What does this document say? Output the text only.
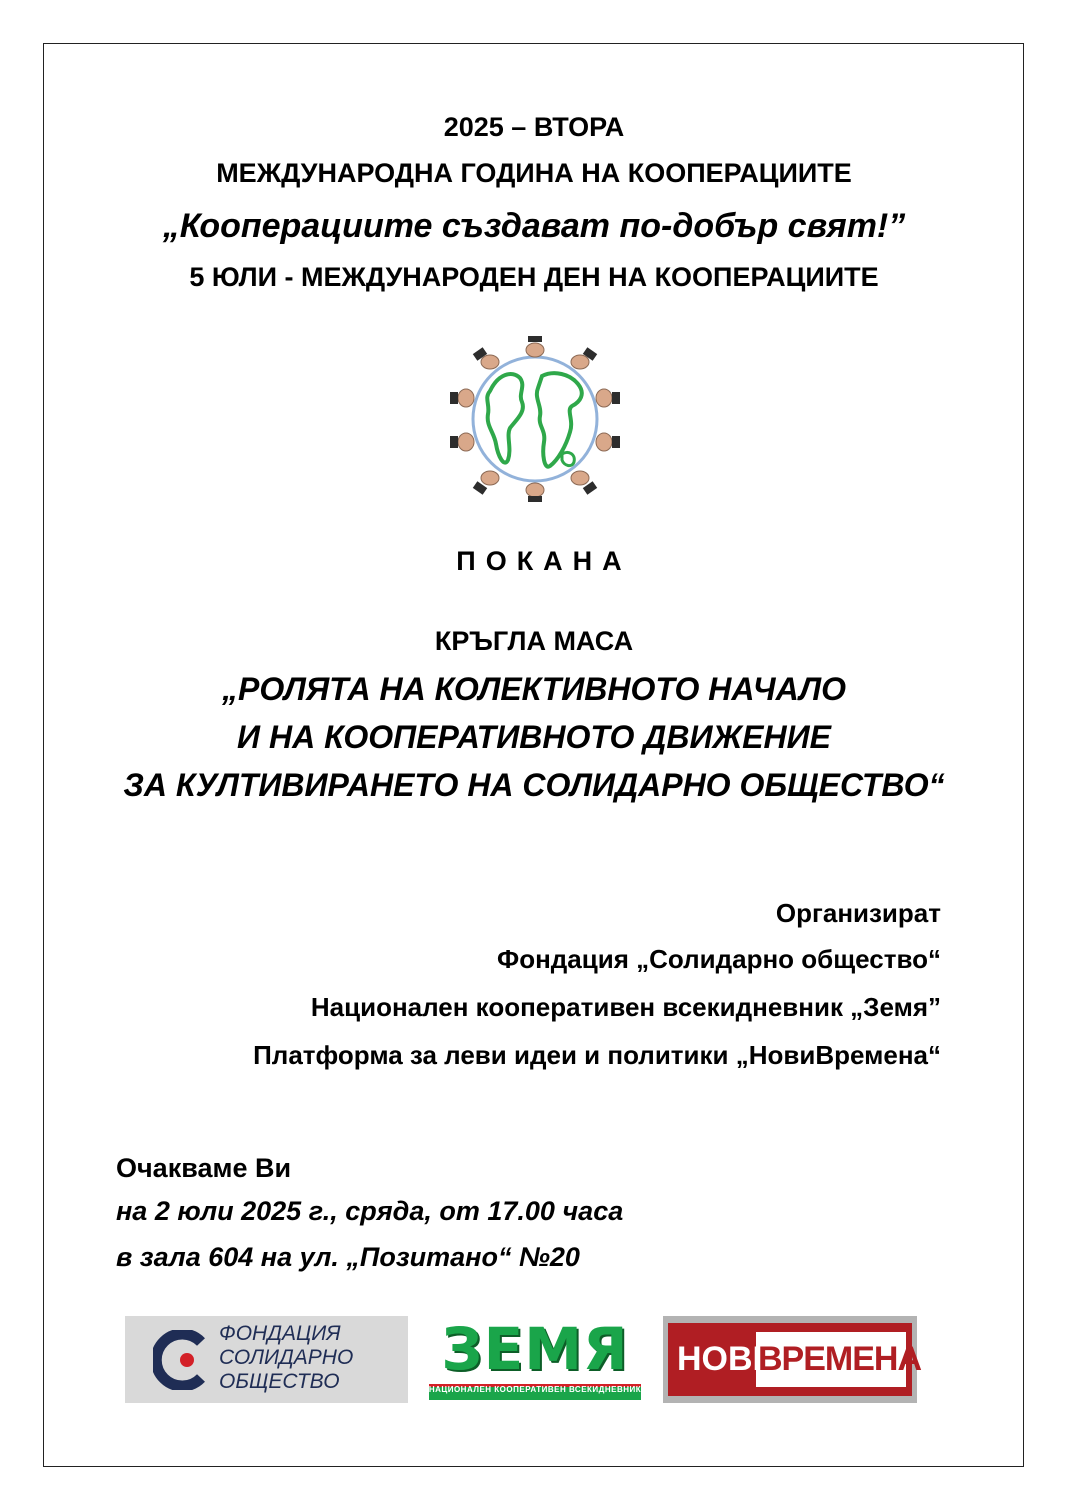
2025 – ВТОРА
МЕЖДУНАРОДНА ГОДИНА НА КООПЕРАЦИИТЕ
„Кооперациите създават по-добър свят!”
5 ЮЛИ - МЕЖДУНАРОДЕН ДЕН НА КООПЕРАЦИИТЕ
ПОКАНА
КРЪГЛА МАСА
„РОЛЯТА НА КОЛЕКТИВНОТО НАЧАЛО
И НА КООПЕРАТИВНОТО ДВИЖЕНИЕ
ЗА КУЛТИВИРАНЕТО НА СОЛИДАРНО ОБЩЕСТВО“
Организират
Фондация „Солидарно общество“
Национален кооперативен всекидневник „Земя”
Платформа за леви идеи и политики „НовиВремена“
Очакваме Ви
на 2 юли 2025 г., сряда, от 17.00 часа
в зала 604 на ул. „Позитано“ №20
ФОНДАЦИЯ
СОЛИДАРНО
ОБЩЕСТВО ЗЕМЯ
НАЦИОНАЛЕН КООПЕРАТИВЕН ВСЕКИДНЕВНИК
НОВИ
ВРЕМЕНА
